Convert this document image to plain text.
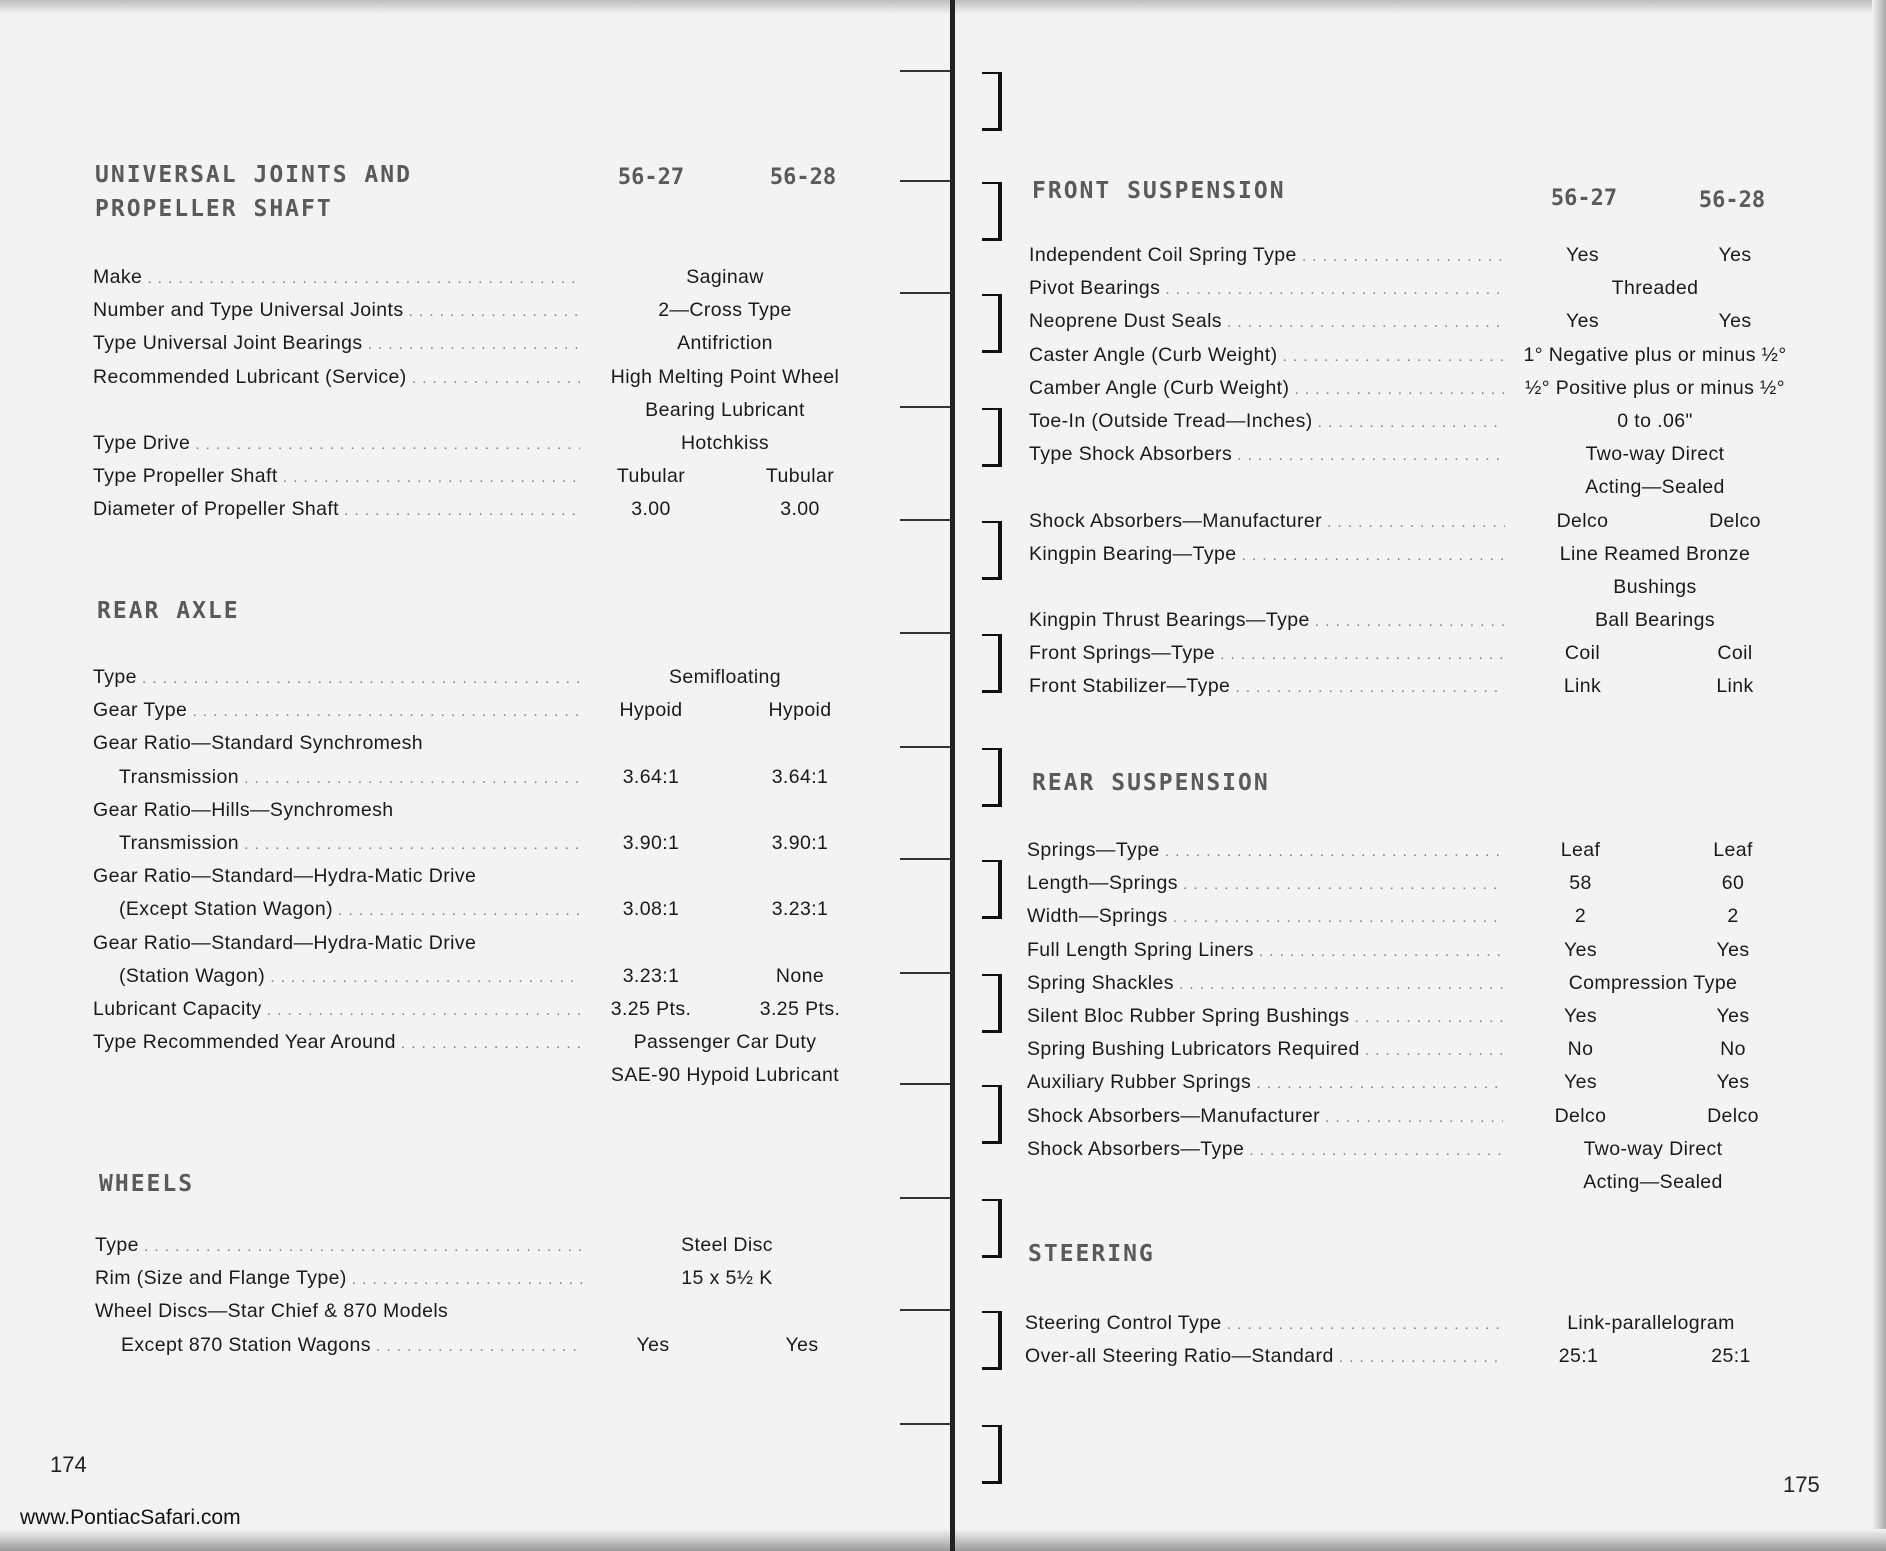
UNIVERSAL JOINTS AND PROPELLER SHAFT
56-27	56-28
Make . . .	Saginaw
Number and Type Universal Joints . . .	2—Cross Type
Type Universal Joint Bearings . . .	Antifriction
Recommended Lubricant (Service) . . .	High Melting Point Wheel
Bearing Lubricant
Type Drive . . .	Hotchkiss
Type Propeller Shaft . . .	Tubular	Tubular
Diameter of Propeller Shaft . . .	3.00	3.00
REAR AXLE
Type . . .	Semifloating
Gear Type . . .	Hypoid	Hypoid
Gear Ratio—Standard Synchromesh
Transmission . . .	3.64:1	3.64:1
Gear Ratio—Hills—Synchromesh
Transmission . . .	3.90:1	3.90:1
Gear Ratio—Standard—Hydra-Matic Drive
(Except Station Wagon) . . .	3.08:1	3.23:1
Gear Ratio—Standard—Hydra-Matic Drive
(Station Wagon) . . .	3.23:1	None
Lubricant Capacity . . .	3.25 Pts.	3.25 Pts.
Type Recommended Year Around . . .	Passenger Car Duty
SAE-90 Hypoid Lubricant
WHEELS
Type . . .	Steel Disc
Rim (Size and Flange Type) . . .	15 x 5½ K
Wheel Discs—Star Chief & 870 Models
Except 870 Station Wagons . . .	Yes	Yes
174
www.PontiacSafari.com
FRONT SUSPENSION	56-27	56-28
Independent Coil Spring Type . . .	Yes	Yes
Pivot Bearings . . .	Threaded
Neoprene Dust Seals . . .	Yes	Yes
Caster Angle (Curb Weight) . . .	1° Negative plus or minus ½°
Camber Angle (Curb Weight) . . .	½° Positive plus or minus ½°
Toe-In (Outside Tread—Inches) . . .	0 to .06"
Type Shock Absorbers . . .	Two-way Direct
Acting—Sealed
Shock Absorbers—Manufacturer . . .	Delco	Delco
Kingpin Bearing—Type . . .	Line Reamed Bronze
Bushings
Kingpin Thrust Bearings—Type . . .	Ball Bearings
Front Springs—Type . . .	Coil	Coil
Front Stabilizer—Type . . .	Link	Link
REAR SUSPENSION
Springs—Type . . .	Leaf	Leaf
Length—Springs . . .	58	60
Width—Springs . . .	2	2
Full Length Spring Liners . . .	Yes	Yes
Spring Shackles . . .	Compression Type
Silent Bloc Rubber Spring Bushings . . .	Yes	Yes
Spring Bushing Lubricators Required . . .	No	No
Auxiliary Rubber Springs . . .	Yes	Yes
Shock Absorbers—Manufacturer . . .	Delco	Delco
Shock Absorbers—Type . . .	Two-way Direct
Acting—Sealed
STEERING
Steering Control Type . . .	Link-parallelogram
Over-all Steering Ratio—Standard . . .	25:1	25:1
175
